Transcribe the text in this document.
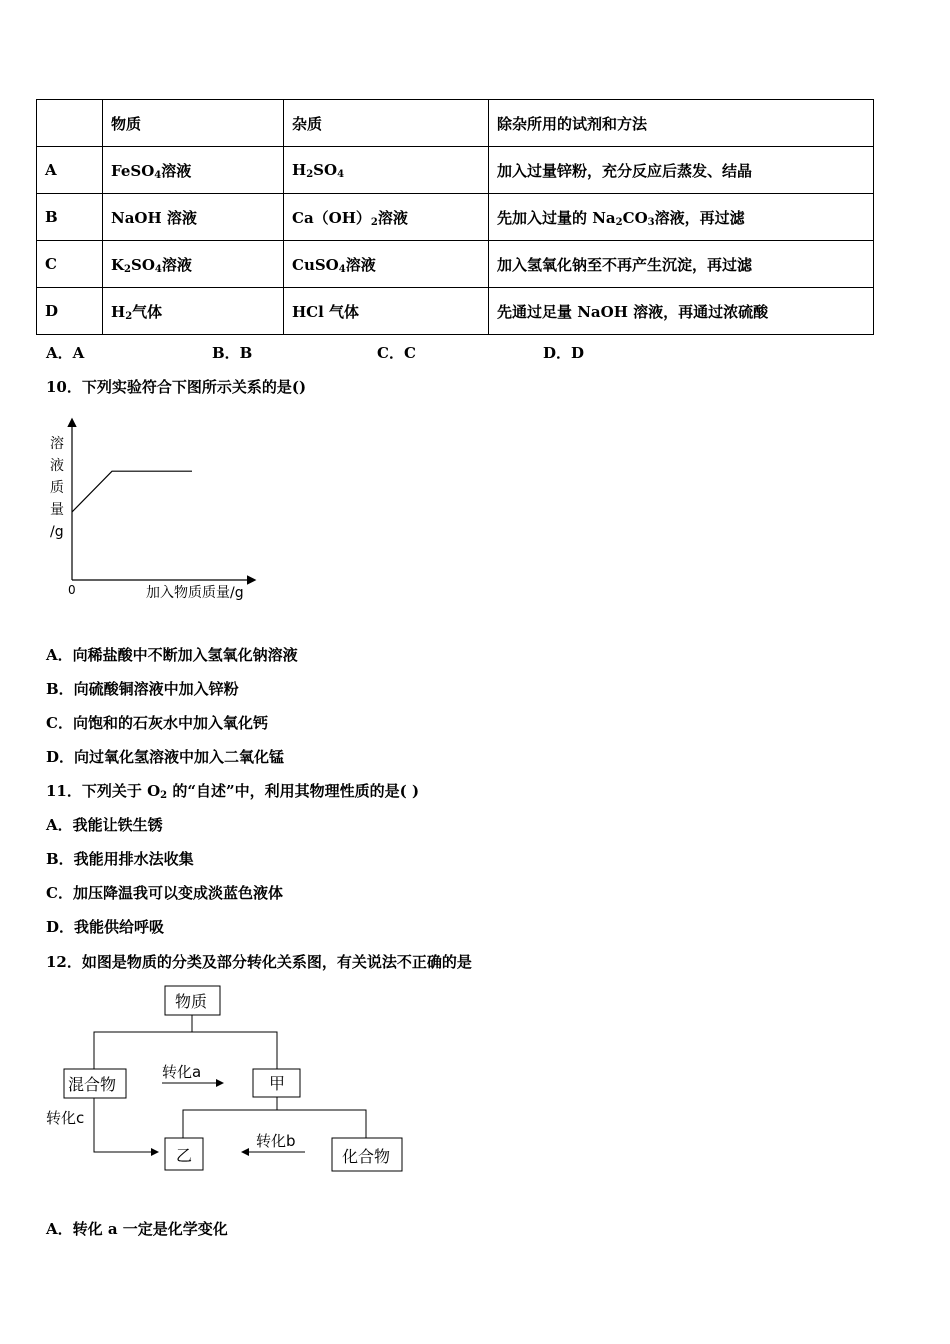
	物质	杂质	除杂所用的试剂和方法
A	FeSO$_4$溶液	$H_2SO_4$	加入过量锌粉，充分反应后蒸发、结晶
B	NaOH 溶液	$Ca(OH)_2$溶液	先加入过量的 $Na_2CO_3$溶液，再过滤
C	$K_2SO_4$溶液	CuSO$_4$溶液	加入氢氧化钠至不再产生沉淀，再过滤
D	$H_2$气体	HCl 气体	先通过足量 NaOH 溶液，再通过浓硫酸
A．A	B．B	C．C	D．D
10．下列实验符合下图所示关系的是()
溶液质量/g
0	加入物质质量/g
A．向稀盐酸中不断加入氢氧化钠溶液
B．向硫酸铜溶液中加入锌粉
C．向饱和的石灰水中加入氧化钙
D．向过氧化氢溶液中加入二氧化锰
11．下列关于 $O_2$ 的“自述”中，利用其物理性质的是( )
A．我能让铁生锈
B．我能用排水法收集
C．加压降温我可以变成淡蓝色液体
D．我能供给呼吸
12．如图是物质的分类及部分转化关系图，有关说法不正确的是
物质
混合物	甲
乙	化合物
转化a
转化b
转化c
A．转化 a 一定是化学变化
